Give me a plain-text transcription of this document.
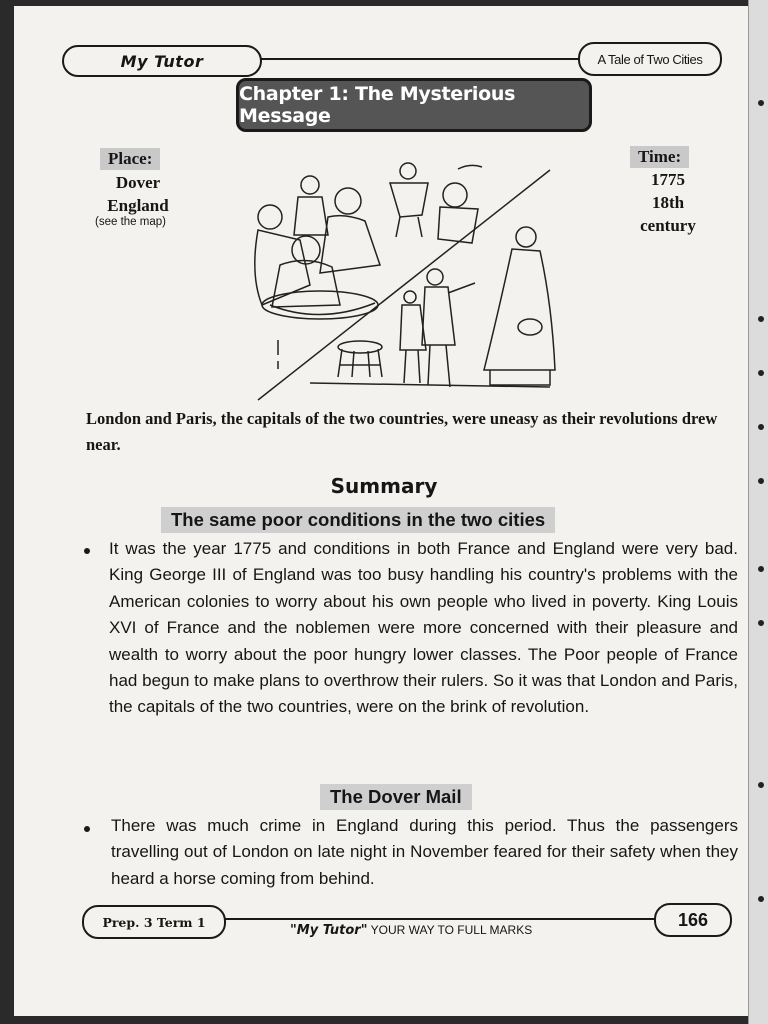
My Tutor	A Tale of Two Cities
Chapter 1: The Mysterious Message
Place:
Dover
England
(see the map)
Time:
1775
18th
century
London and Paris, the capitals of the two countries, were uneasy as their revolutions drew near.
Summary
The same poor conditions in the two cities
It was the year 1775 and conditions in both France and England were very bad. King George III of England was too busy handling his country's problems with the American colonies to worry about his own people who lived in poverty. King Louis XVI of France and the noblemen were more concerned with their pleasure and wealth to worry about the poor hungry lower classes. The Poor people of France had begun to make plans to overthrow their rulers. So it was that London and Paris, the capitals of the two countries, were on the brink of revolution.
The Dover Mail
There was much crime in England during this period. Thus the passengers travelling out of London on late night in November feared for their safety when they heard a horse coming from behind.
Prep. 3 Term 1
"My Tutor" YOUR WAY TO FULL MARKS
166
